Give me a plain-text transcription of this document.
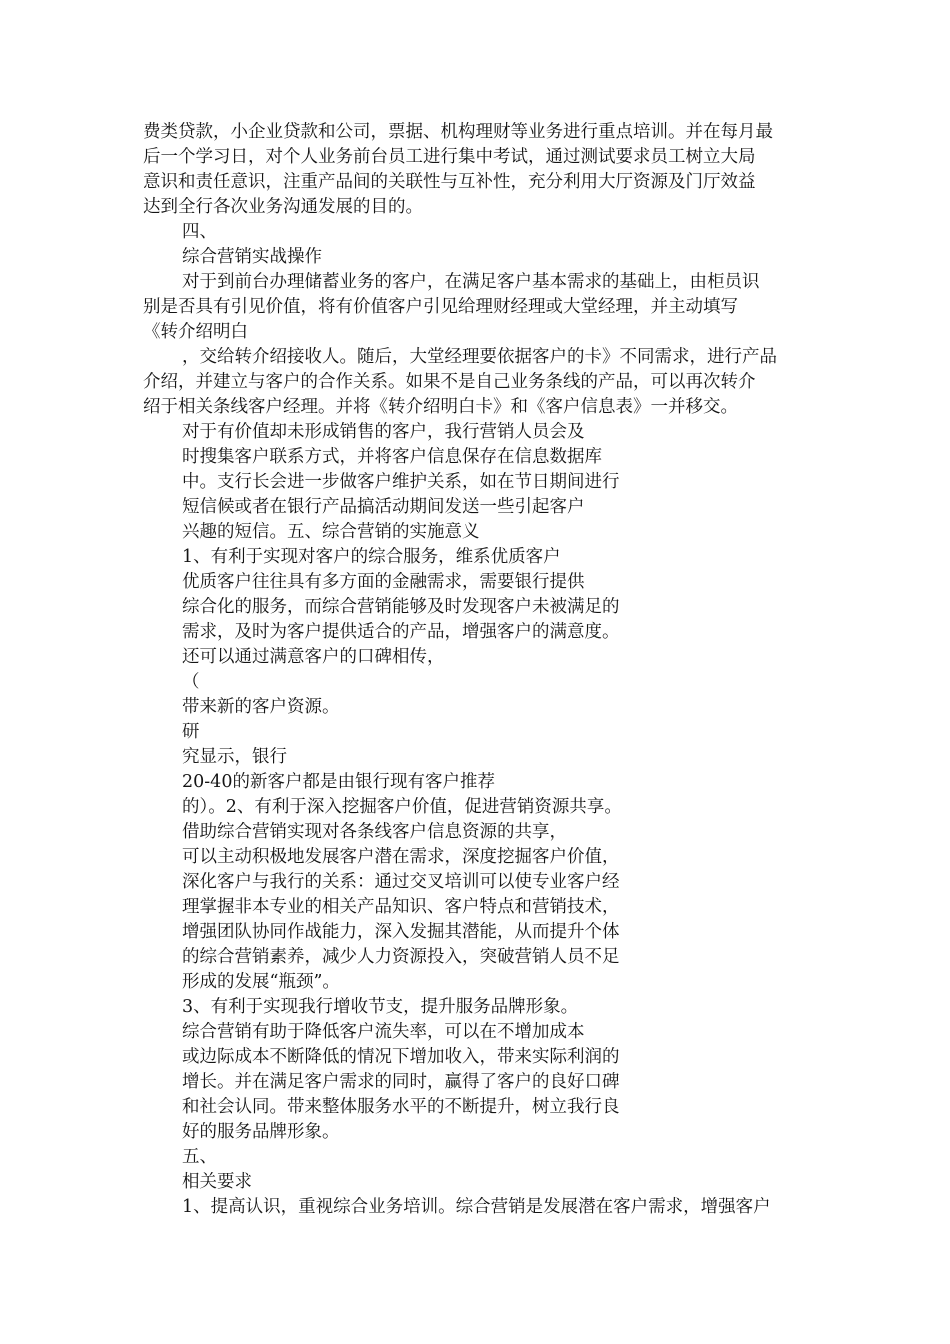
费类贷款，小企业贷款和公司，票据、机构理财等业务进行重点培训。并在每月最

后一个学习日，对个人业务前台员工进行集中考试，通过测试要求员工树立大局

意识和责任意识，注重产品间的关联性与互补性，充分利用大厅资源及门厅效益

达到全行各次业务沟通发展的目的。

四、

综合营销实战操作

对于到前台办理储蓄业务的客户，在满足客户基本需求的基础上，由柜员识

别是否具有引见价值，将有价值客户引见给理财经理或大堂经理，并主动填写

《转介绍明白

，交给转介绍接收人。随后，大堂经理要依据客户的卡》不同需求，进行产品

介绍，并建立与客户的合作关系。如果不是自己业务条线的产品，可以再次转介

绍于相关条线客户经理。并将《转介绍明白卡》和《客户信息表》一并移交。

对于有价值却未形成销售的客户，我行营销人员会及

时搜集客户联系方式，并将客户信息保存在信息数据库

中。支行长会进一步做客户维护关系，如在节日期间进行

短信候或者在银行产品搞活动期间发送一些引起客户

兴趣的短信。五、综合营销的实施意义

1、有利于实现对客户的综合服务，维系优质客户

优质客户往往具有多方面的金融需求，需要银行提供

综合化的服务，而综合营销能够及时发现客户未被满足的

需求，及时为客户提供适合的产品，增强客户的满意度。

还可以通过满意客户的口碑相传，

（

带来新的客户资源。

研

究显示，银行

20-40的新客户都是由银行现有客户推荐

的）。2、有利于深入挖掘客户价值，促进营销资源共享。

借助综合营销实现对各条线客户信息资源的共享，

可以主动积极地发展客户潜在需求，深度挖掘客户价值，

深化客户与我行的关系：通过交叉培训可以使专业客户经

理掌握非本专业的相关产品知识、客户特点和营销技术，

增强团队协同作战能力，深入发掘其潜能，从而提升个体

的综合营销素养，减少人力资源投入，突破营销人员不足

形成的发展“瓶颈”。

3、有利于实现我行增收节支，提升服务品牌形象。

综合营销有助于降低客户流失率，可以在不增加成本

或边际成本不断降低的情况下增加收入，带来实际利润的

增长。并在满足客户需求的同时，赢得了客户的良好口碑

和社会认同。带来整体服务水平的不断提升，树立我行良

好的服务品牌形象。

五、

相关要求

1、提高认识，重视综合业务培训。综合营销是发展潜在客户需求，增强客户
